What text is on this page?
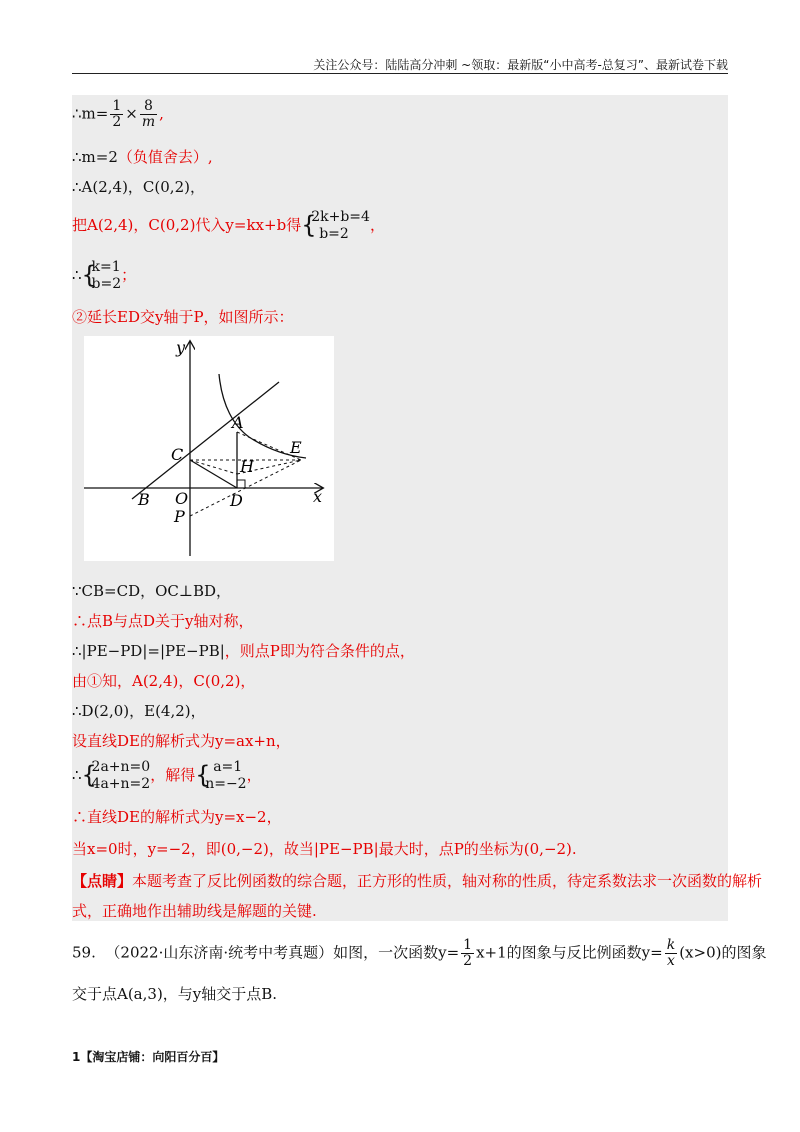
关注公众号：陆陆高分冲刺 ~领取：最新版“小中高考-总复习”、最新试卷下载
∴m= $\frac{1}{2} \times \frac{8}{m}$ ,
∴m=2（负值舍去）,
∴A(2,4)，C(0,2)，
把A(2,4)，C(0,2)代入y=kx+b得 { 2k+b=4
b=2	，
∴ { k=1
b=2 ；
②延长ED交y轴于P，如图所示：
y
x
A
C	E
H
B O	D
P
∵CB=CD，OC⊥BD，
∴点B与点D关于y轴对称，
∴|PE−PD|=|PE−PB|，则点P即为符合条件的点，
由①知，A(2,4)，C(0,2)，
∴D(2,0)，E(4,2)，
设直线DE的解析式为y=ax+n，
∴ { 2a+n=0
4a+n=2 ，解得	{ a=1
n=−2 ，
∴直线DE的解析式为y=x−2，
当x=0时，y=−2，即(0,−2)，故当|PE−PB|最大时，点P的坐标为(0,−2).
【点睛】本题考查了反比例函数的综合题，正方形的性质，轴对称的性质，待定系数法求一次函数的解析
式，正确地作出辅助线是解题的关键.
59. （2022·山东济南·统考中考真题）如图，一次函数$y= \frac{1}{2} x+1$的图象与反比例函数$y= \frac{k}{x} (x>0)$的图象
交于点A(a,3)，与y轴交于点B.
1【淘宝店铺：向阳百分百】
